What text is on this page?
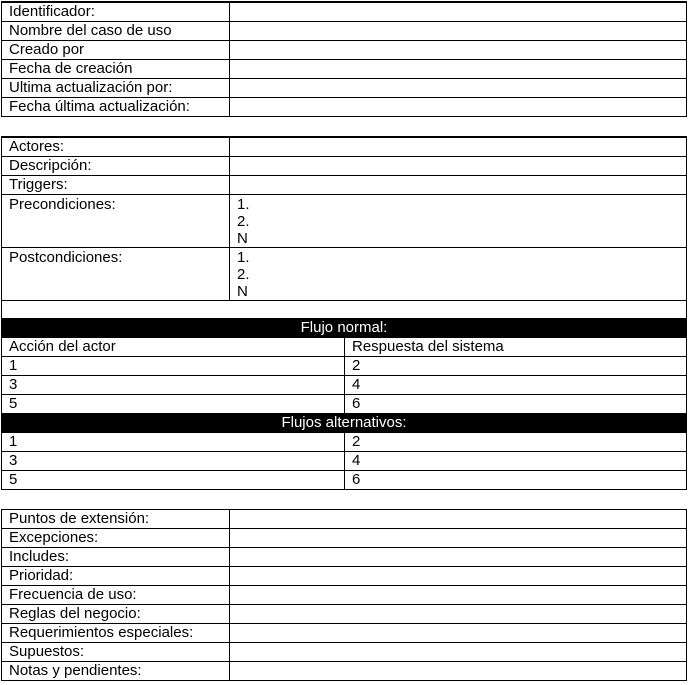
Identificador:	
Nombre del caso de uso	
Creado por	
Fecha de creación	
Ultima actualización por:	
Fecha última actualización:	
Actores:		
Descripción:		
Triggers:		
Precondiciones:	1.
2.
N	

Postcondiciones:	1.
2.
N	

Flujo normal:		
Acción del actor		Respuesta del sistema
1		2
3		4
5		6
Flujos alternativos:		
1		2
3		4
5		6
Puntos de extensión:	
Excepciones:	
Includes:	
Prioridad:	
Frecuencia de uso:	
Reglas del negocio:	
Requerimientos especiales:	
Supuestos:	
Notas y pendientes:	
